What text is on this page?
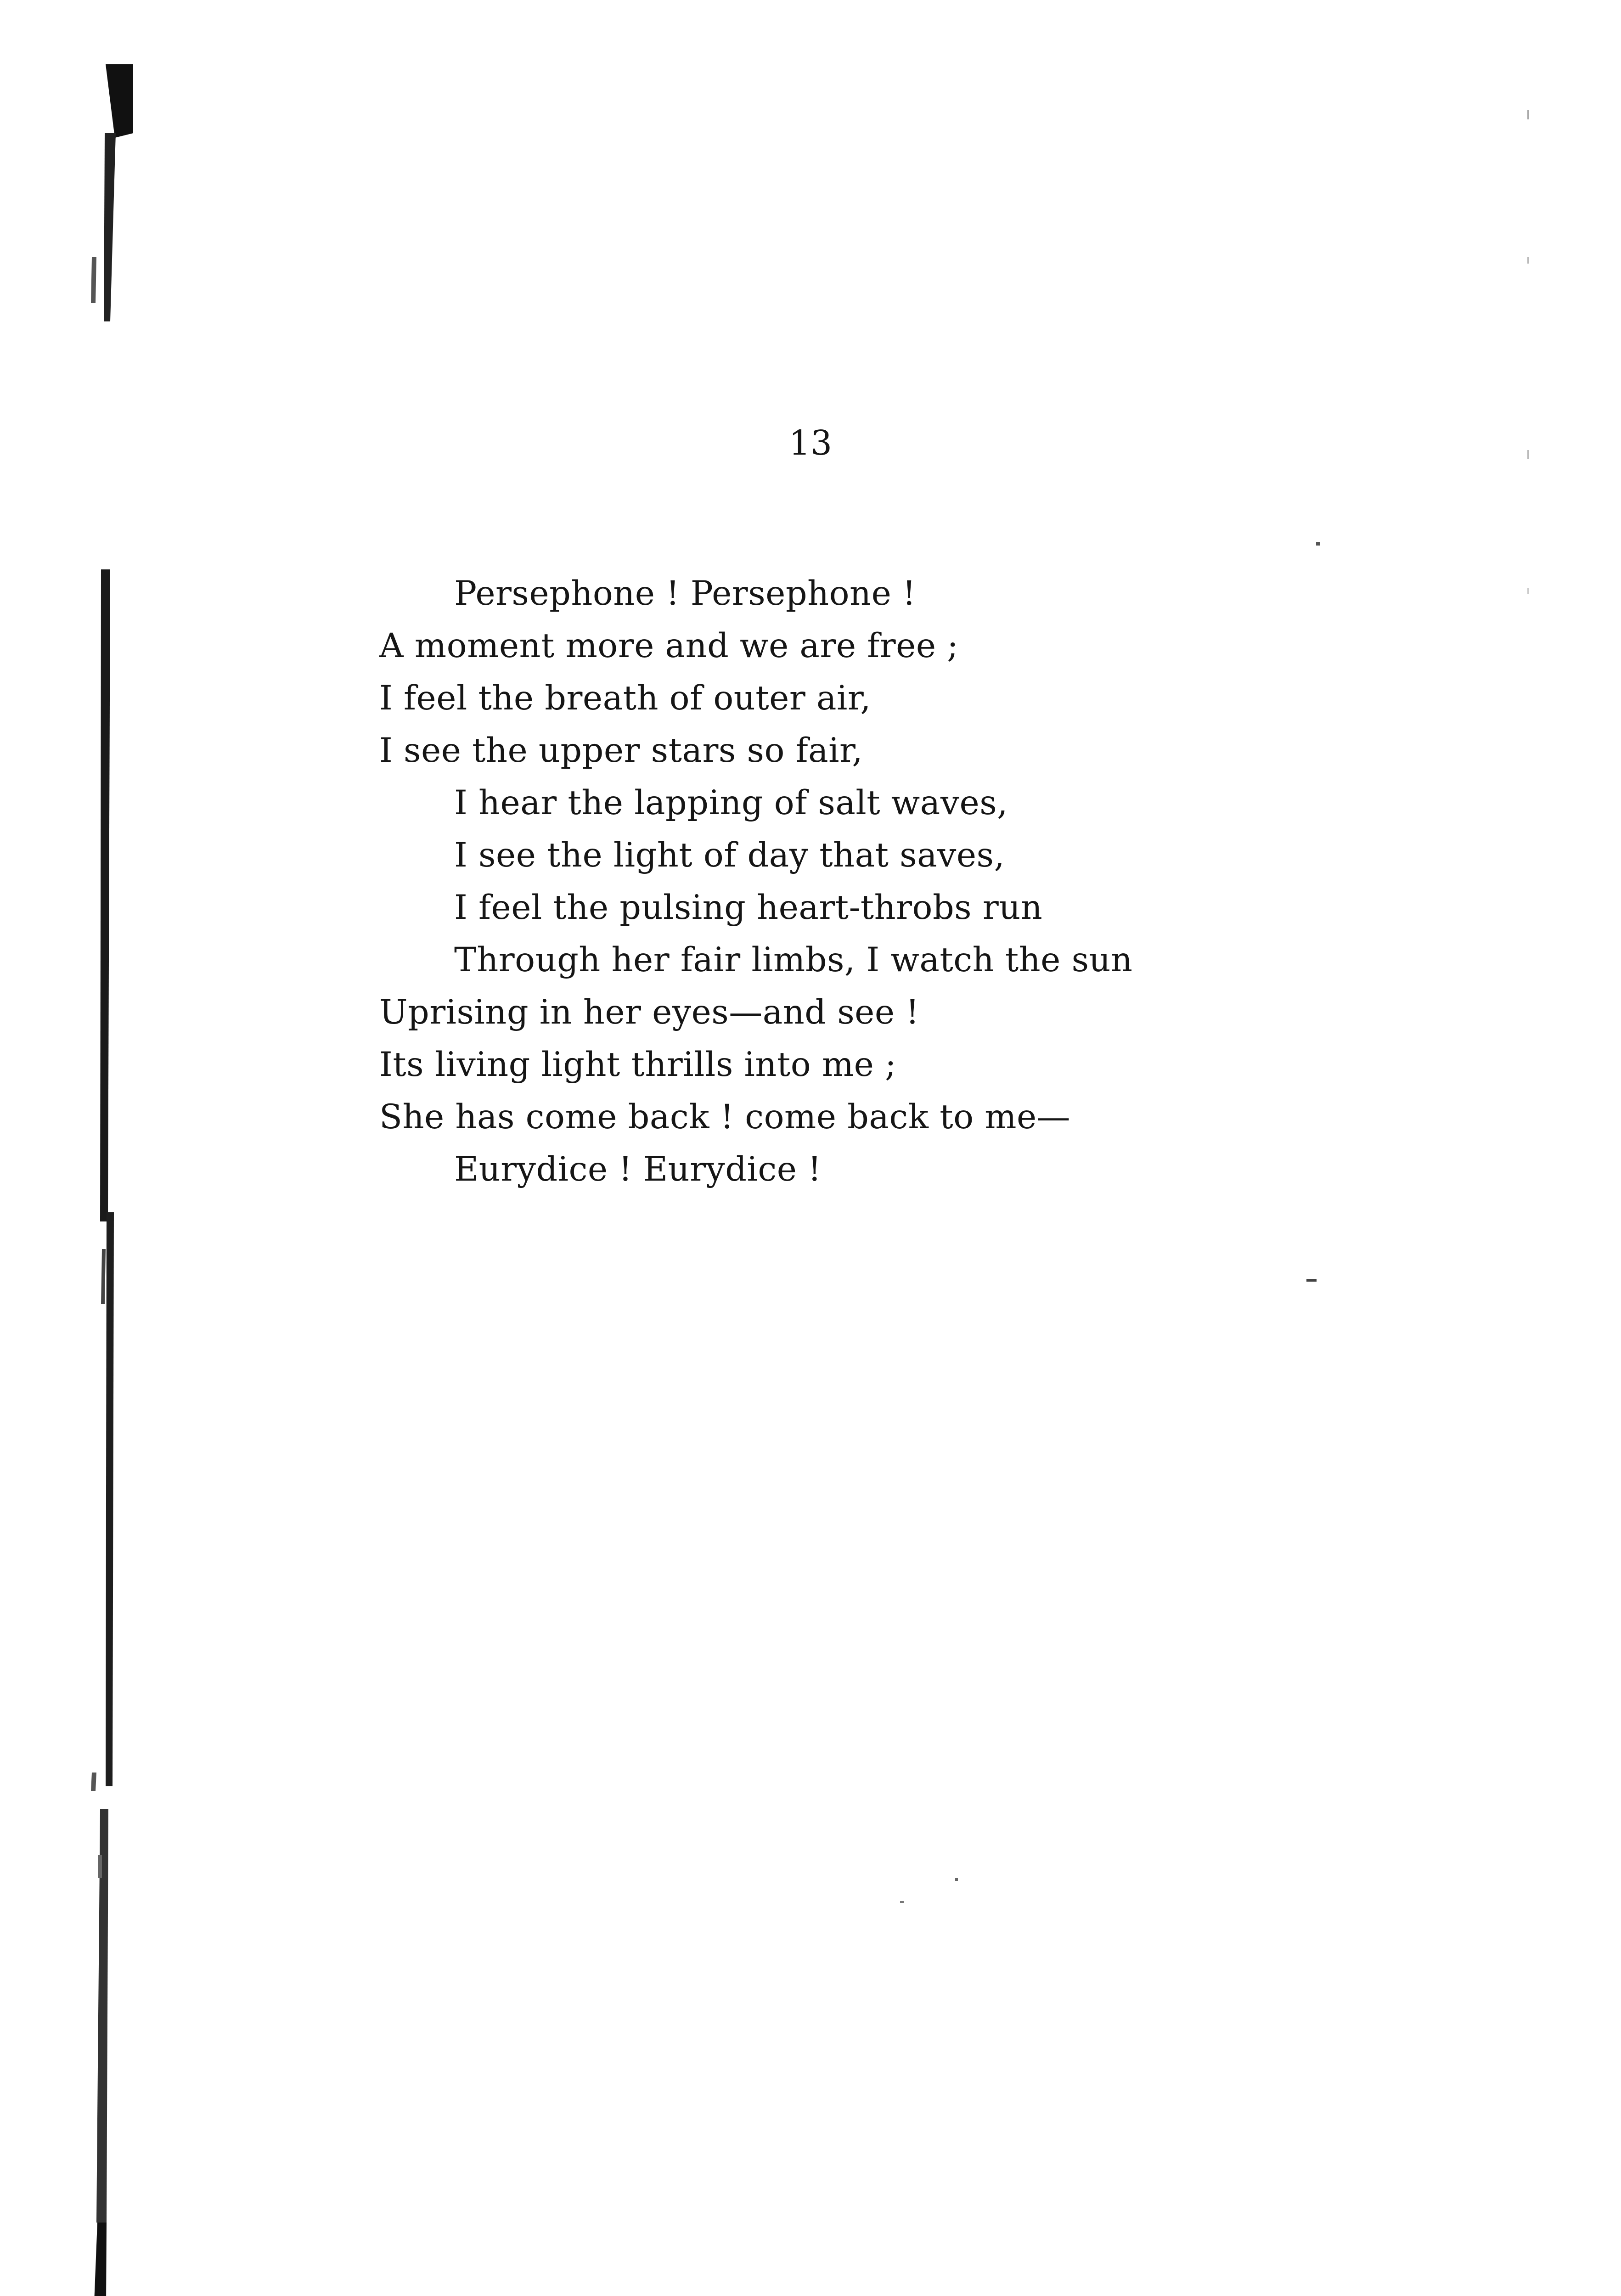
13
Persephone ! Persephone !
A moment more and we are free ;
I feel the breath of outer air,
I see the upper stars so fair,
I hear the lapping of salt waves,
I see the light of day that saves,
I feel the pulsing heart-throbs run
Through her fair limbs, I watch the sun
Uprising in her eyes—and see !
Its living light thrills into me ;
She has come back ! come back to me—
Eurydice ! Eurydice !
